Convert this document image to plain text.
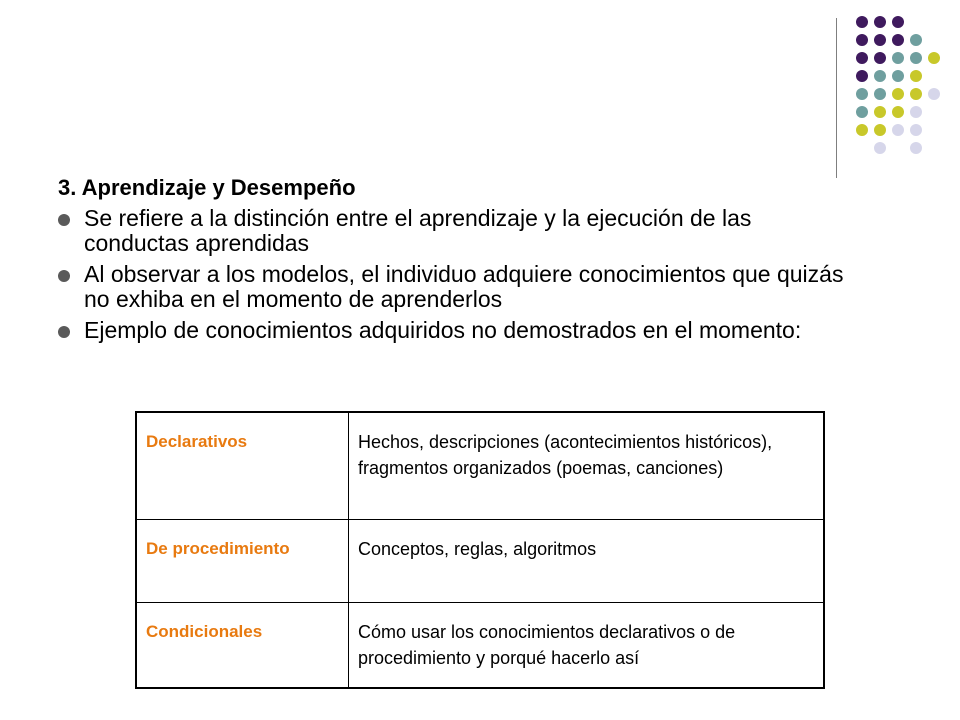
3. Aprendizaje y Desempeño
Se refiere a la distinción entre el aprendizaje y la ejecución de las conductas aprendidas
Al observar a los modelos, el individuo adquiere conocimientos que quizás no exhiba en el momento de aprenderlos
Ejemplo de conocimientos adquiridos no demostrados en el momento:
Declarativos	Hechos, descripciones (acontecimientos históricos), fragmentos organizados (poemas, canciones)
De procedimiento	Conceptos, reglas, algoritmos
Condicionales	Cómo usar los conocimientos declarativos o de procedimiento y porqué hacerlo así
